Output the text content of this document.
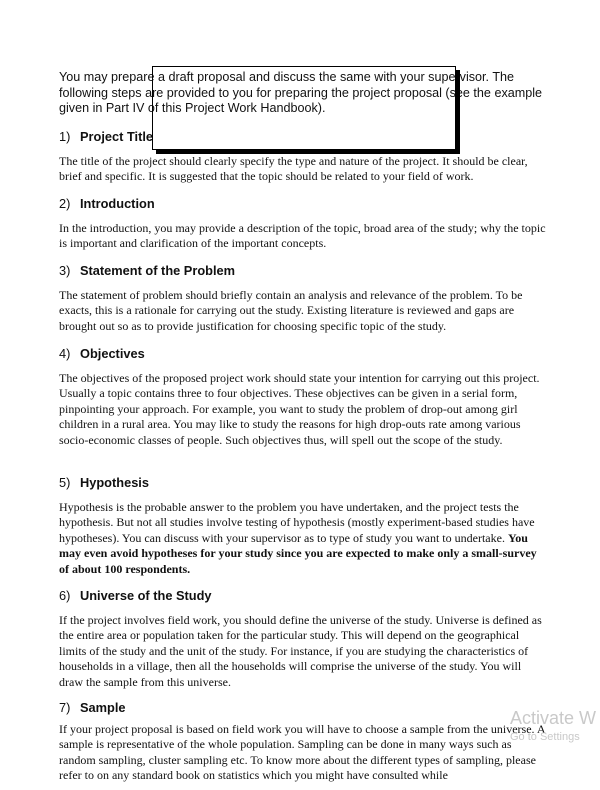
You may prepare a draft proposal and discuss the same with your supervisor. The following steps are provided to you for preparing the project proposal (see the example given in Part IV of this Project Work Handbook).
1) Project Title
The title of the project should clearly specify the type and nature of the project. It should be clear, brief and specific. It is suggested that the topic should be related to your field of work.
2) Introduction
In the introduction, you may provide a description of the topic, broad area of the study; why the topic is important and clarification of the important concepts.
3) Statement of the Problem
The statement of problem should briefly contain an analysis and relevance of the problem. To be exacts, this is a rationale for carrying out the study. Existing literature is reviewed and gaps are brought out so as to provide justification for choosing specific topic of the study.
4) Objectives
The objectives of the proposed project work should state your intention for carrying out this project. Usually a topic contains three to four objectives. These objectives can be given in a serial form, pinpointing your approach. For example, you want to study the problem of drop-out among girl children in a rural area. You may like to study the reasons for high drop-outs rate among various socio-economic classes of people. Such objectives thus, will spell out the scope of the study.
5) Hypothesis
Hypothesis is the probable answer to the problem you have undertaken, and the project tests the hypothesis. But not all studies involve testing of hypothesis (mostly experiment-based studies have hypotheses). You can discuss with your supervisor as to type of study you want to undertake. You may even avoid hypotheses for your study since you are expected to make only a small-survey of about 100 respondents.
6) Universe of the Study
If the project involves field work, you should define the universe of the study. Universe is defined as the entire area or population taken for the particular study. This will depend on the geographical limits of the study and the unit of the study. For instance, if you are studying the characteristics of households in a village, then all the households will comprise the universe of the study. You will draw the sample from this universe.
7) Sample
If your project proposal is based on field work you will have to choose a sample from the universe. A sample is representative of the whole population. Sampling can be done in many ways such as random sampling, cluster sampling etc. To know more about the different types of sampling, please refer to on any standard book on statistics which you might have consulted while
Activate W
Go to Settings
